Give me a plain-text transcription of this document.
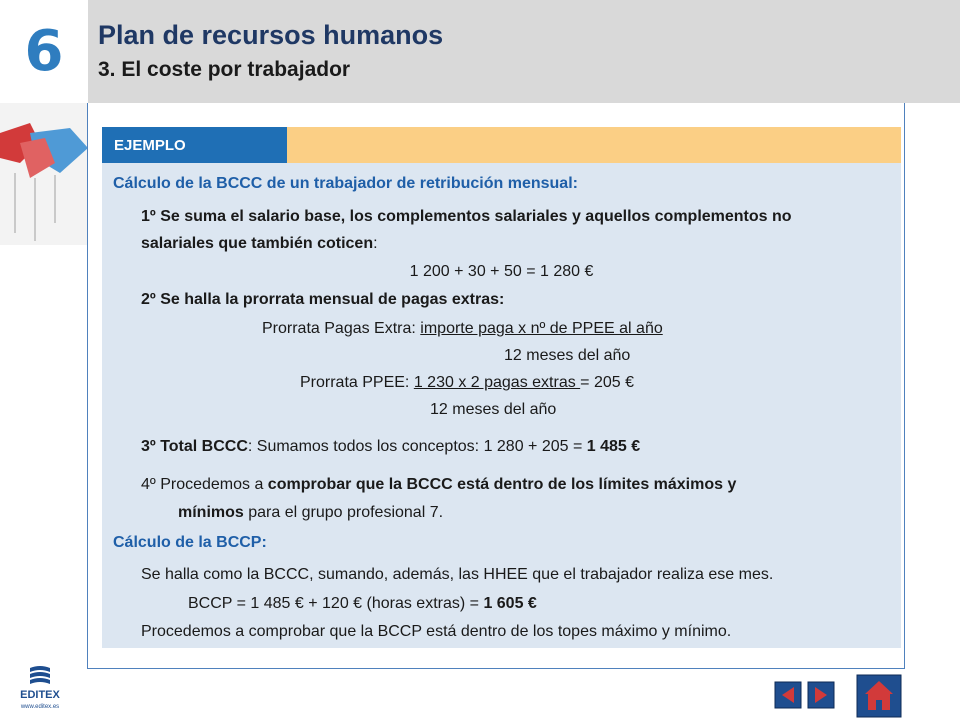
6 Plan de recursos humanos
3. El coste por trabajador
EJEMPLO
Cálculo de la BCCC de un trabajador de retribución mensual:
1º Se suma el salario base, los complementos salariales y aquellos complementos no
salariales que también coticen:
1 200 + 30 + 50 = 1 280 €
2º Se halla la prorrata mensual de pagas extras:
Prorrata Pagas Extra: importe paga x nº de PPEE al año
12 meses del año
Prorrata PPEE: 1 230 x 2 pagas extras = 205 €
12 meses del año
3º Total BCCC: Sumamos todos los conceptos: 1 280 + 205 = 1 485 €
4º Procedemos a comprobar que la BCCC está dentro de los límites máximos y
mínimos para el grupo profesional 7.
Cálculo de la BCCP:
Se halla como la BCCC, sumando, además, las HHEE que el trabajador realiza ese mes.
BCCP = 1 485 € + 120 € (horas extras) = 1 605 €
Procedemos a comprobar que la BCCP está dentro de los topes máximo y mínimo.
EDITEX
www.editex.es
